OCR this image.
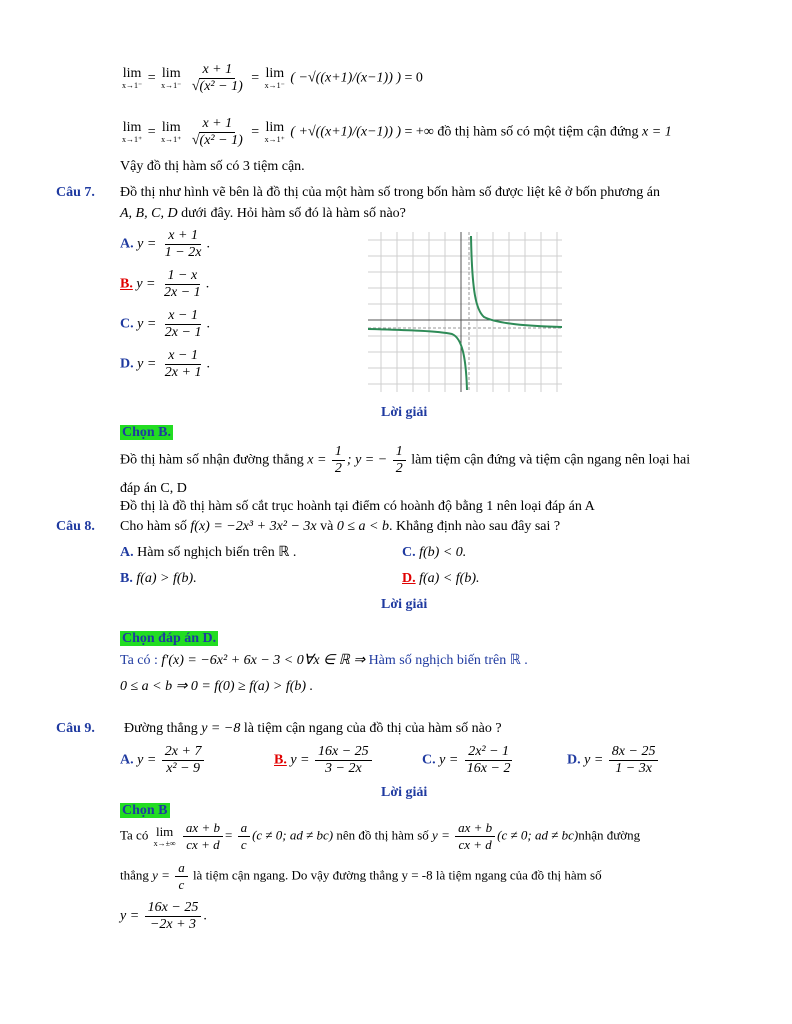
lim
x→1⁻ = lim
x→1⁻
$\frac{x + 1}{\text{√(x² − 1)}} = \lim$
x→1⁻ ( −√((x+1)/(x−1)) ) = 0
lim
x→1⁺ = lim
x→1⁺
$\frac{x + 1}{\text{√(x² − 1)}} = \lim$
x→1⁺ ( +√((x+1)/(x−1)) ) = +∞ đồ thị hàm số có một tiệm cận đứng x = 1
Vậy đồ thị hàm số có 3 tiệm cận.
Câu 7. Đồ thị như hình vẽ bên là đồ thị của một hàm số trong bốn hàm số được liệt kê ở bốn phương án
A, B, C, D dưới đây. Hỏi hàm số đó là hàm số nào?
A. $y = \frac{x + 1}{1 - 2x}$ .
B. $y = \frac{1 - x}{2x - 1}$ .
C. $y = \frac{x - 1}{2x - 1}$ .
D. $y = \frac{x - 1}{2x + 1}$ .
Lời giải
Chọn B.
Đồ thị hàm số nhận đường thẳng $x = \frac{1}{2}$ ; y = − $\frac{1}{2}$ làm tiệm cận đứng và tiệm cận ngang nên loại hai
đáp án C, D
Đồ thị là đồ thị hàm số cắt trục hoành tại điểm có hoành độ bằng 1 nên loại đáp án A
Câu 8. Cho hàm số f(x) = −2x³ + 3x² − 3x và 0 ≤ a < b. Khẳng định nào sau đây sai ?
A. Hàm số nghịch biến trên ℝ .	C. f(b) < 0.
B. f(a) > f(b).	D. f(a) < f(b).
Lời giải
Chọn đáp án D.
Ta có : f′(x) = −6x² + 6x − 3 < 0∀x ∈ ℝ ⇒ Hàm số nghịch biến trên ℝ .
0 ≤ a < b ⇒ 0 = f(0) ≥ f(a) > f(b) .
Câu 9. Đường thẳng y = −8 là tiệm cận ngang của đồ thị của hàm số nào ?
A. $y = \frac{2x + 7}{\text{x² − 9}}$	B. $y = \frac{16x - 25}{3 - 2x}$	C. $y = \frac{\text{2x² − 1}}{16x - 2}$	D. $y = \frac{8x - 25}{1 - 3x}$
Lời giải
Chọn B
Ta có lim
x→±∞
$\frac{ax + b}{cx + d} = \frac{a}{c} (c \ne 0$; ad ≠ bc) nên đồ thị hàm số $y = \frac{ax + b}{cx + d} (c \ne 0$; ad ≠ bc)nhận đường
thẳng $y = \frac{a}{c}$ là tiệm cận ngang. Do vậy đường thẳng y = -8 là tiệm ngang của đồ thị hàm số
$y = \frac{16x - 25}{-2x + 3}$ .
